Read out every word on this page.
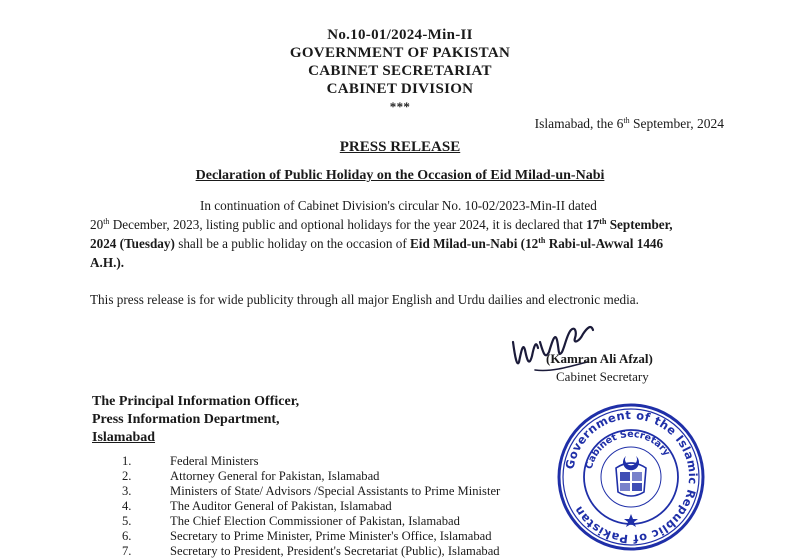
No.10-01/2024-Min-II
GOVERNMENT OF PAKISTAN
CABINET SECRETARIAT
CABINET DIVISION
***
Islamabad, the 6th September, 2024
PRESS RELEASE
Declaration of Public Holiday on the Occasion of Eid Milad-un-Nabi
In continuation of Cabinet Division's circular No. 10-02/2023-Min-II dated
20th December, 2023, listing public and optional holidays for the year 2024, it is declared that 17th September,
2024 (Tuesday) shall be a public holiday on the occasion of Eid Milad-un-Nabi (12th Rabi-ul-Awwal 1446
A.H.).
This press release is for wide publicity through all major English and Urdu dailies and electronic media.
(Kamran Ali Afzal)
Cabinet Secretary
The Principal Information Officer,
Press Information Department,
Islamabad
1.	Federal Ministers
2.	Attorney General for Pakistan, Islamabad
3.	Ministers of State/ Advisors /Special Assistants to Prime Minister
4.	The Auditor General of Pakistan, Islamabad
5.	The Chief Election Commissioner of Pakistan, Islamabad
6.	Secretary to Prime Minister, Prime Minister's Office, Islamabad
7.	Secretary to President, President's Secretariat (Public), Islamabad
Government of the Islamic Republic of Pakistan
Cabinet Secretary
